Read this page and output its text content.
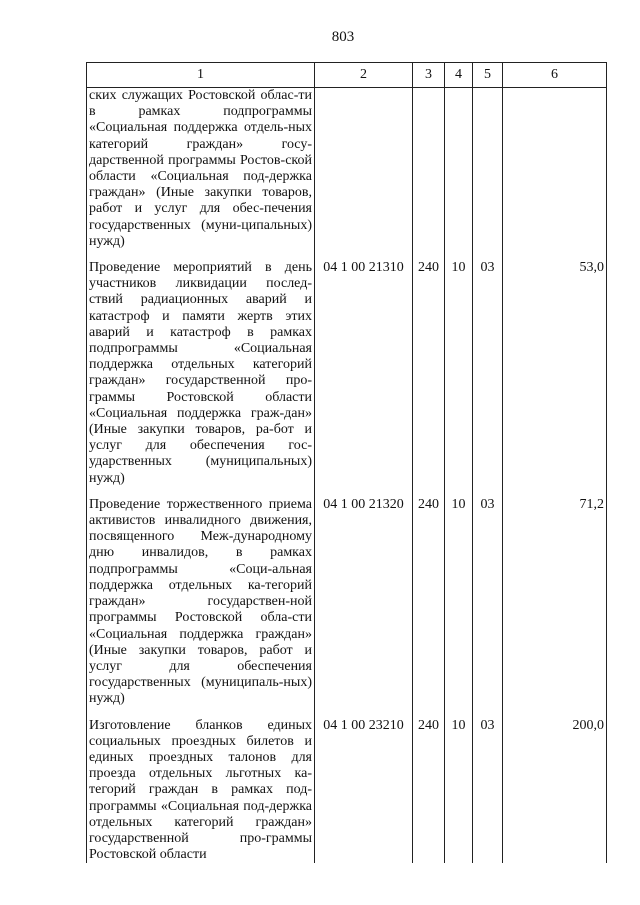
803
1	2	3	4	5	6
ских служащих Ростовской облас-ти в рамках подпрограммы «Социальная поддержка отдель-ных категорий граждан» госу-дарственной программы Ростов-ской области «Социальная под-держка граждан» (Иные закупки товаров, работ и услуг для обес-печения государственных (муни-ципальных) нужд)					

Проведение мероприятий в день участников ликвидации послед-ствий радиационных аварий и катастроф и памяти жертв этих аварий и катастроф в рамках подпрограммы «Социальная поддержка отдельных категорий граждан» государственной про-граммы Ростовской области «Социальная поддержка граж-дан» (Иные закупки товаров, ра-бот и услуг для обеспечения гос-ударственных (муниципальных) нужд)	04 1 00 21310	240	10	03	53,0

Проведение торжественного приема активистов инвалидного движения, посвященного Меж-дународному дню инвалидов, в рамках подпрограммы «Соци-альная поддержка отдельных ка-тегорий граждан» государствен-ной программы Ростовской обла-сти «Социальная поддержка граждан» (Иные закупки товаров, работ и услуг для обеспечения государственных (муниципаль-ных) нужд)	04 1 00 21320	240	10	03	71,2

Изготовление бланков единых социальных проездных билетов и единых проездных талонов для проезда отдельных льготных ка-тегорий граждан в рамках под-программы «Социальная под-держка отдельных категорий граждан» государственной про-граммы Ростовской области	04 1 00 23210	240	10	03	200,0
